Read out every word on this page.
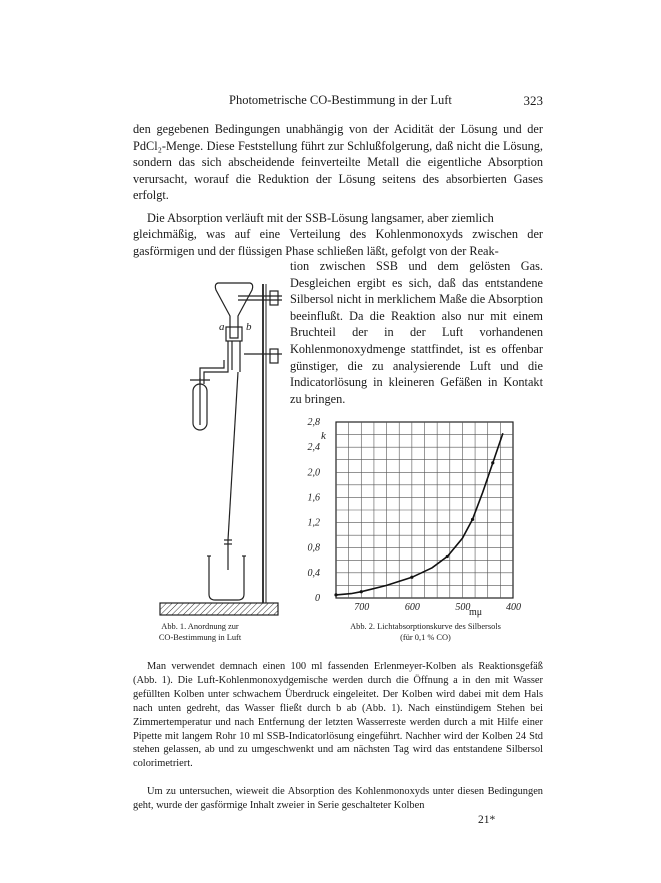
Photometrische CO-Bestimmung in der Luft	323

den gegebenen Bedingungen unabhängig von der Acidität der Lösung und der PdCl₂-Menge. Diese Feststellung führt zur Schlußfolgerung, daß nicht die Lösung, sondern das sich abscheidende feinverteilte Metall die eigentliche Absorption verursacht, worauf die Reduktion der Lösung seitens des absorbierten Gases erfolgt.

Die Absorption verläuft mit der SSB-Lösung langsamer, aber ziemlich

gleichmäßig, was auf eine Verteilung des Kohlenmonoxyds zwischen der gasförmigen und der flüssigen Phase schließen läßt, gefolgt von der Reak-

tion zwischen SSB und dem gelösten Gas. Desgleichen ergibt es sich, daß das entstandene Silbersol nicht in merklichem Maße die Absorption beeinflußt. Da die Reaktion also nur mit einem Bruchteil der in der Luft vorhandenen Kohlenmonoxydmenge stattfindet, ist es offenbar günstiger, die zu analysierende Luft und die Indicatorlösung in kleineren Gefäßen in Kontakt zu bringen.

a b
700	600	500	400
0
0,4
0,8
1,2
1,6
2,0
2,4
2,8
k
mμ
Abb. 1. Anordnung zur
CO-Bestimmung in Luft
Abb. 2. Lichtabsorptionskurve des Silbersols
(für 0,1 % CO)

Man verwendet demnach einen 100 ml fassenden Erlenmeyer-Kolben als Reaktionsgefäß (Abb. 1). Die Luft-Kohlenmonoxydgemische werden durch die Öffnung a in den mit Wasser gefüllten Kolben unter schwachem Überdruck eingeleitet. Der Kolben wird dabei mit dem Hals nach unten gedreht, das Wasser fließt durch b ab (Abb. 1). Nach einstündigem Stehen bei Zimmertemperatur und nach Entfernung der letzten Wasserreste werden durch a mit Hilfe einer Pipette mit langem Rohr 10 ml SSB-Indicatorlösung eingeführt. Nachher wird der Kolben 24 Std stehen gelassen, ab und zu umgeschwenkt und am nächsten Tag wird das entstandene Silbersol colorimetriert.

Um zu untersuchen, wieweit die Absorption des Kohlenmonoxyds unter diesen Bedingungen geht, wurde der gasförmige Inhalt zweier in Serie geschalteter Kolben

21*
